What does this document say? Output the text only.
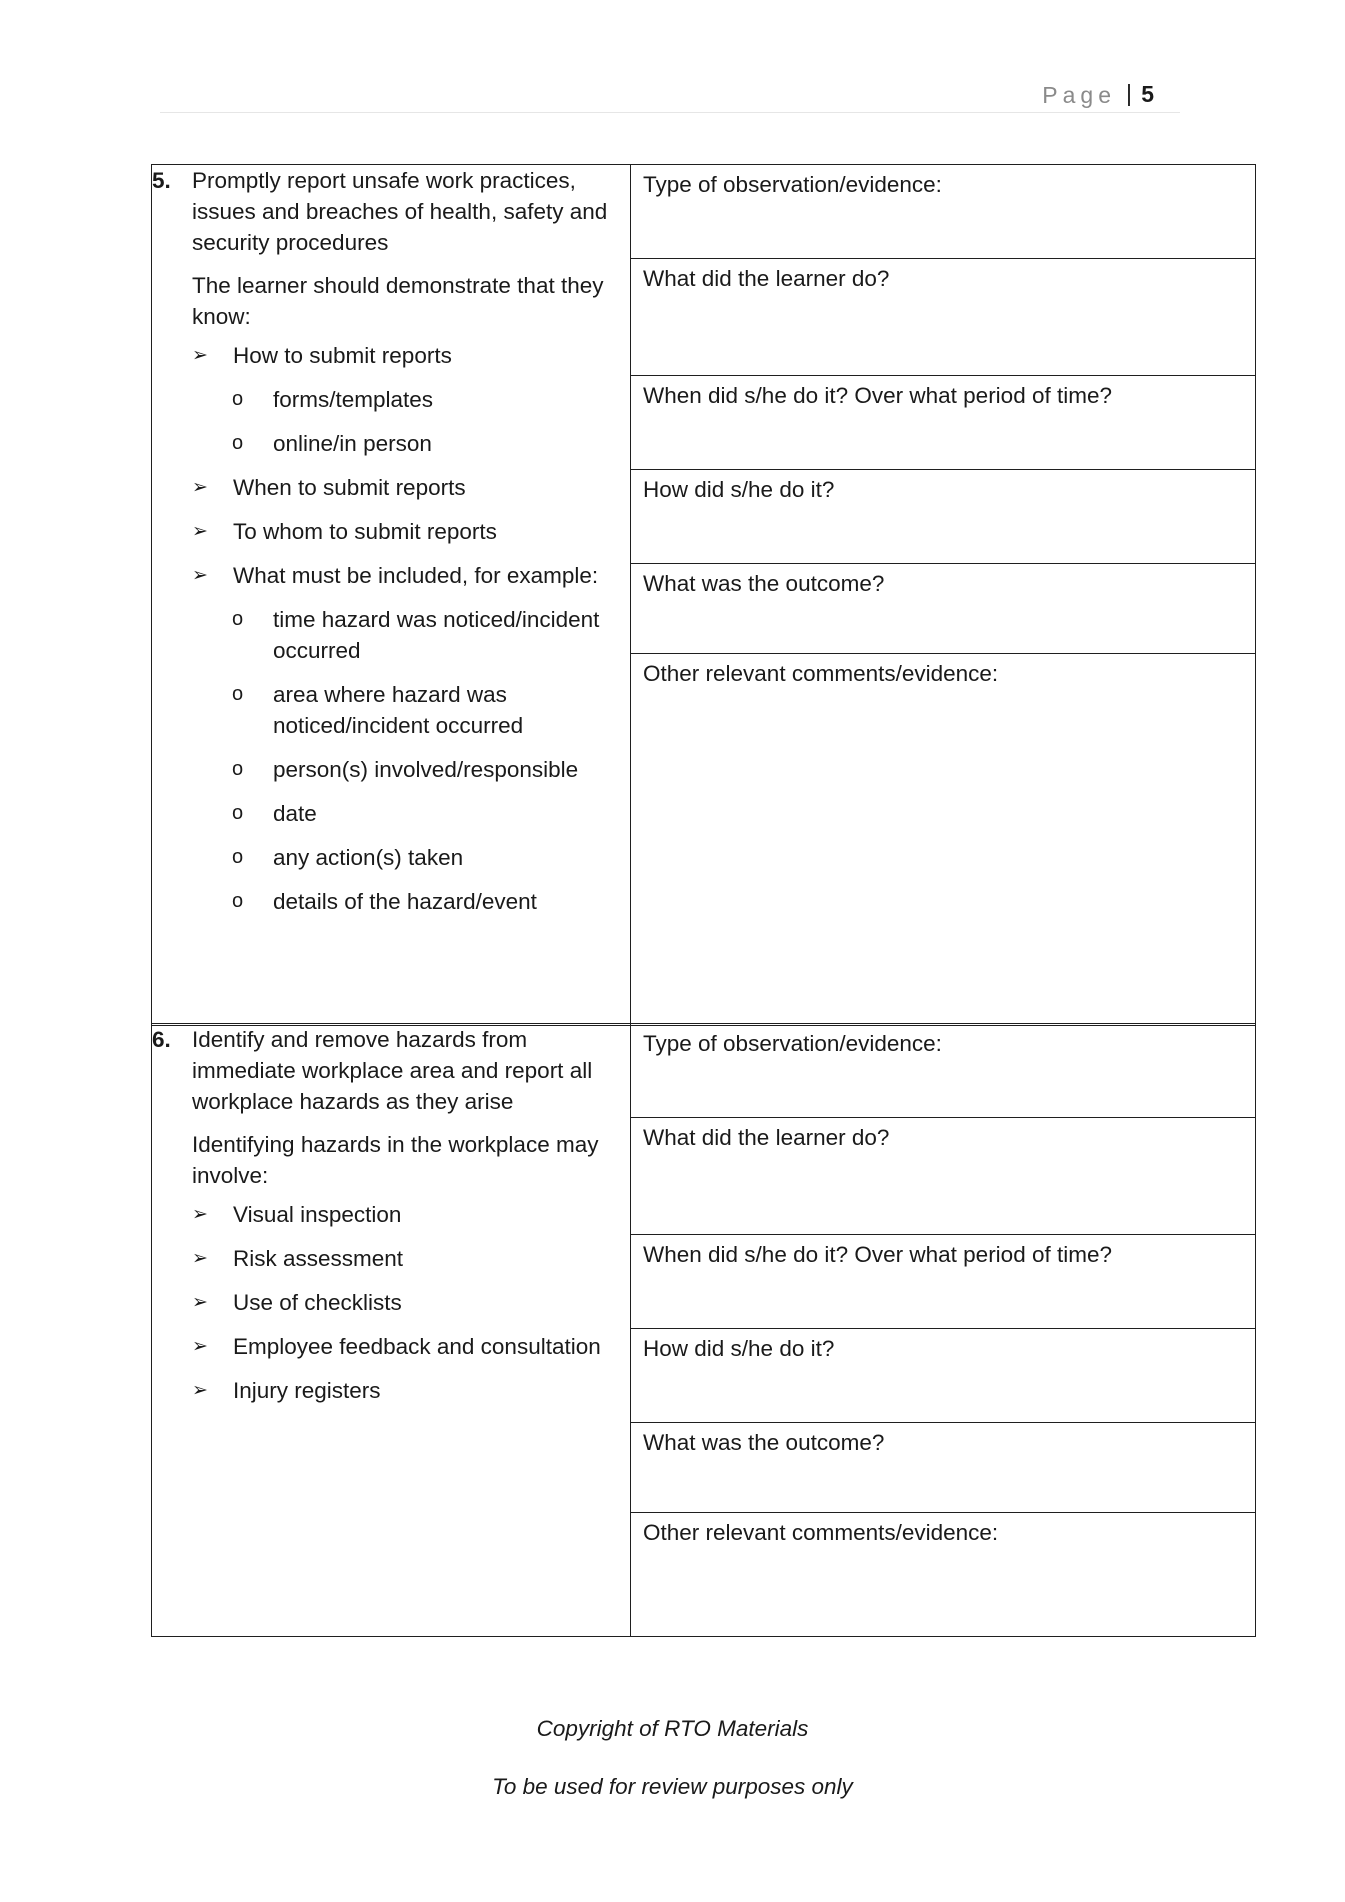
Page | 5
5. Promptly report unsafe work practices, issues and breaches of health, safety and security procedures
The learner should demonstrate that they know:
➢	How to submit reports
o	forms/templates
o	online/in person
➢	When to submit reports
➢	To whom to submit reports
➢	What must be included, for example:
o	time hazard was noticed/incident occurred
o	area where hazard was noticed/incident occurred
o	person(s) involved/responsible
o	date
o	any action(s) taken
o	details of the hazard/event

Type of observation/evidence:
What did the learner do?
When did s/he do it? Over what period of time?
How did s/he do it?
What was the outcome?
Other relevant comments/evidence:
6. Identify and remove hazards from immediate workplace area and report all workplace hazards as they arise
Identifying hazards in the workplace may involve:
➢	Visual inspection
➢	Risk assessment
➢	Use of checklists
➢	Employee feedback and consultation
➢	Injury registers

Type of observation/evidence:
What did the learner do?
When did s/he do it? Over what period of time?
How did s/he do it?
What was the outcome?
Other relevant comments/evidence:
Copyright of RTO Materials
To be used for review purposes only
